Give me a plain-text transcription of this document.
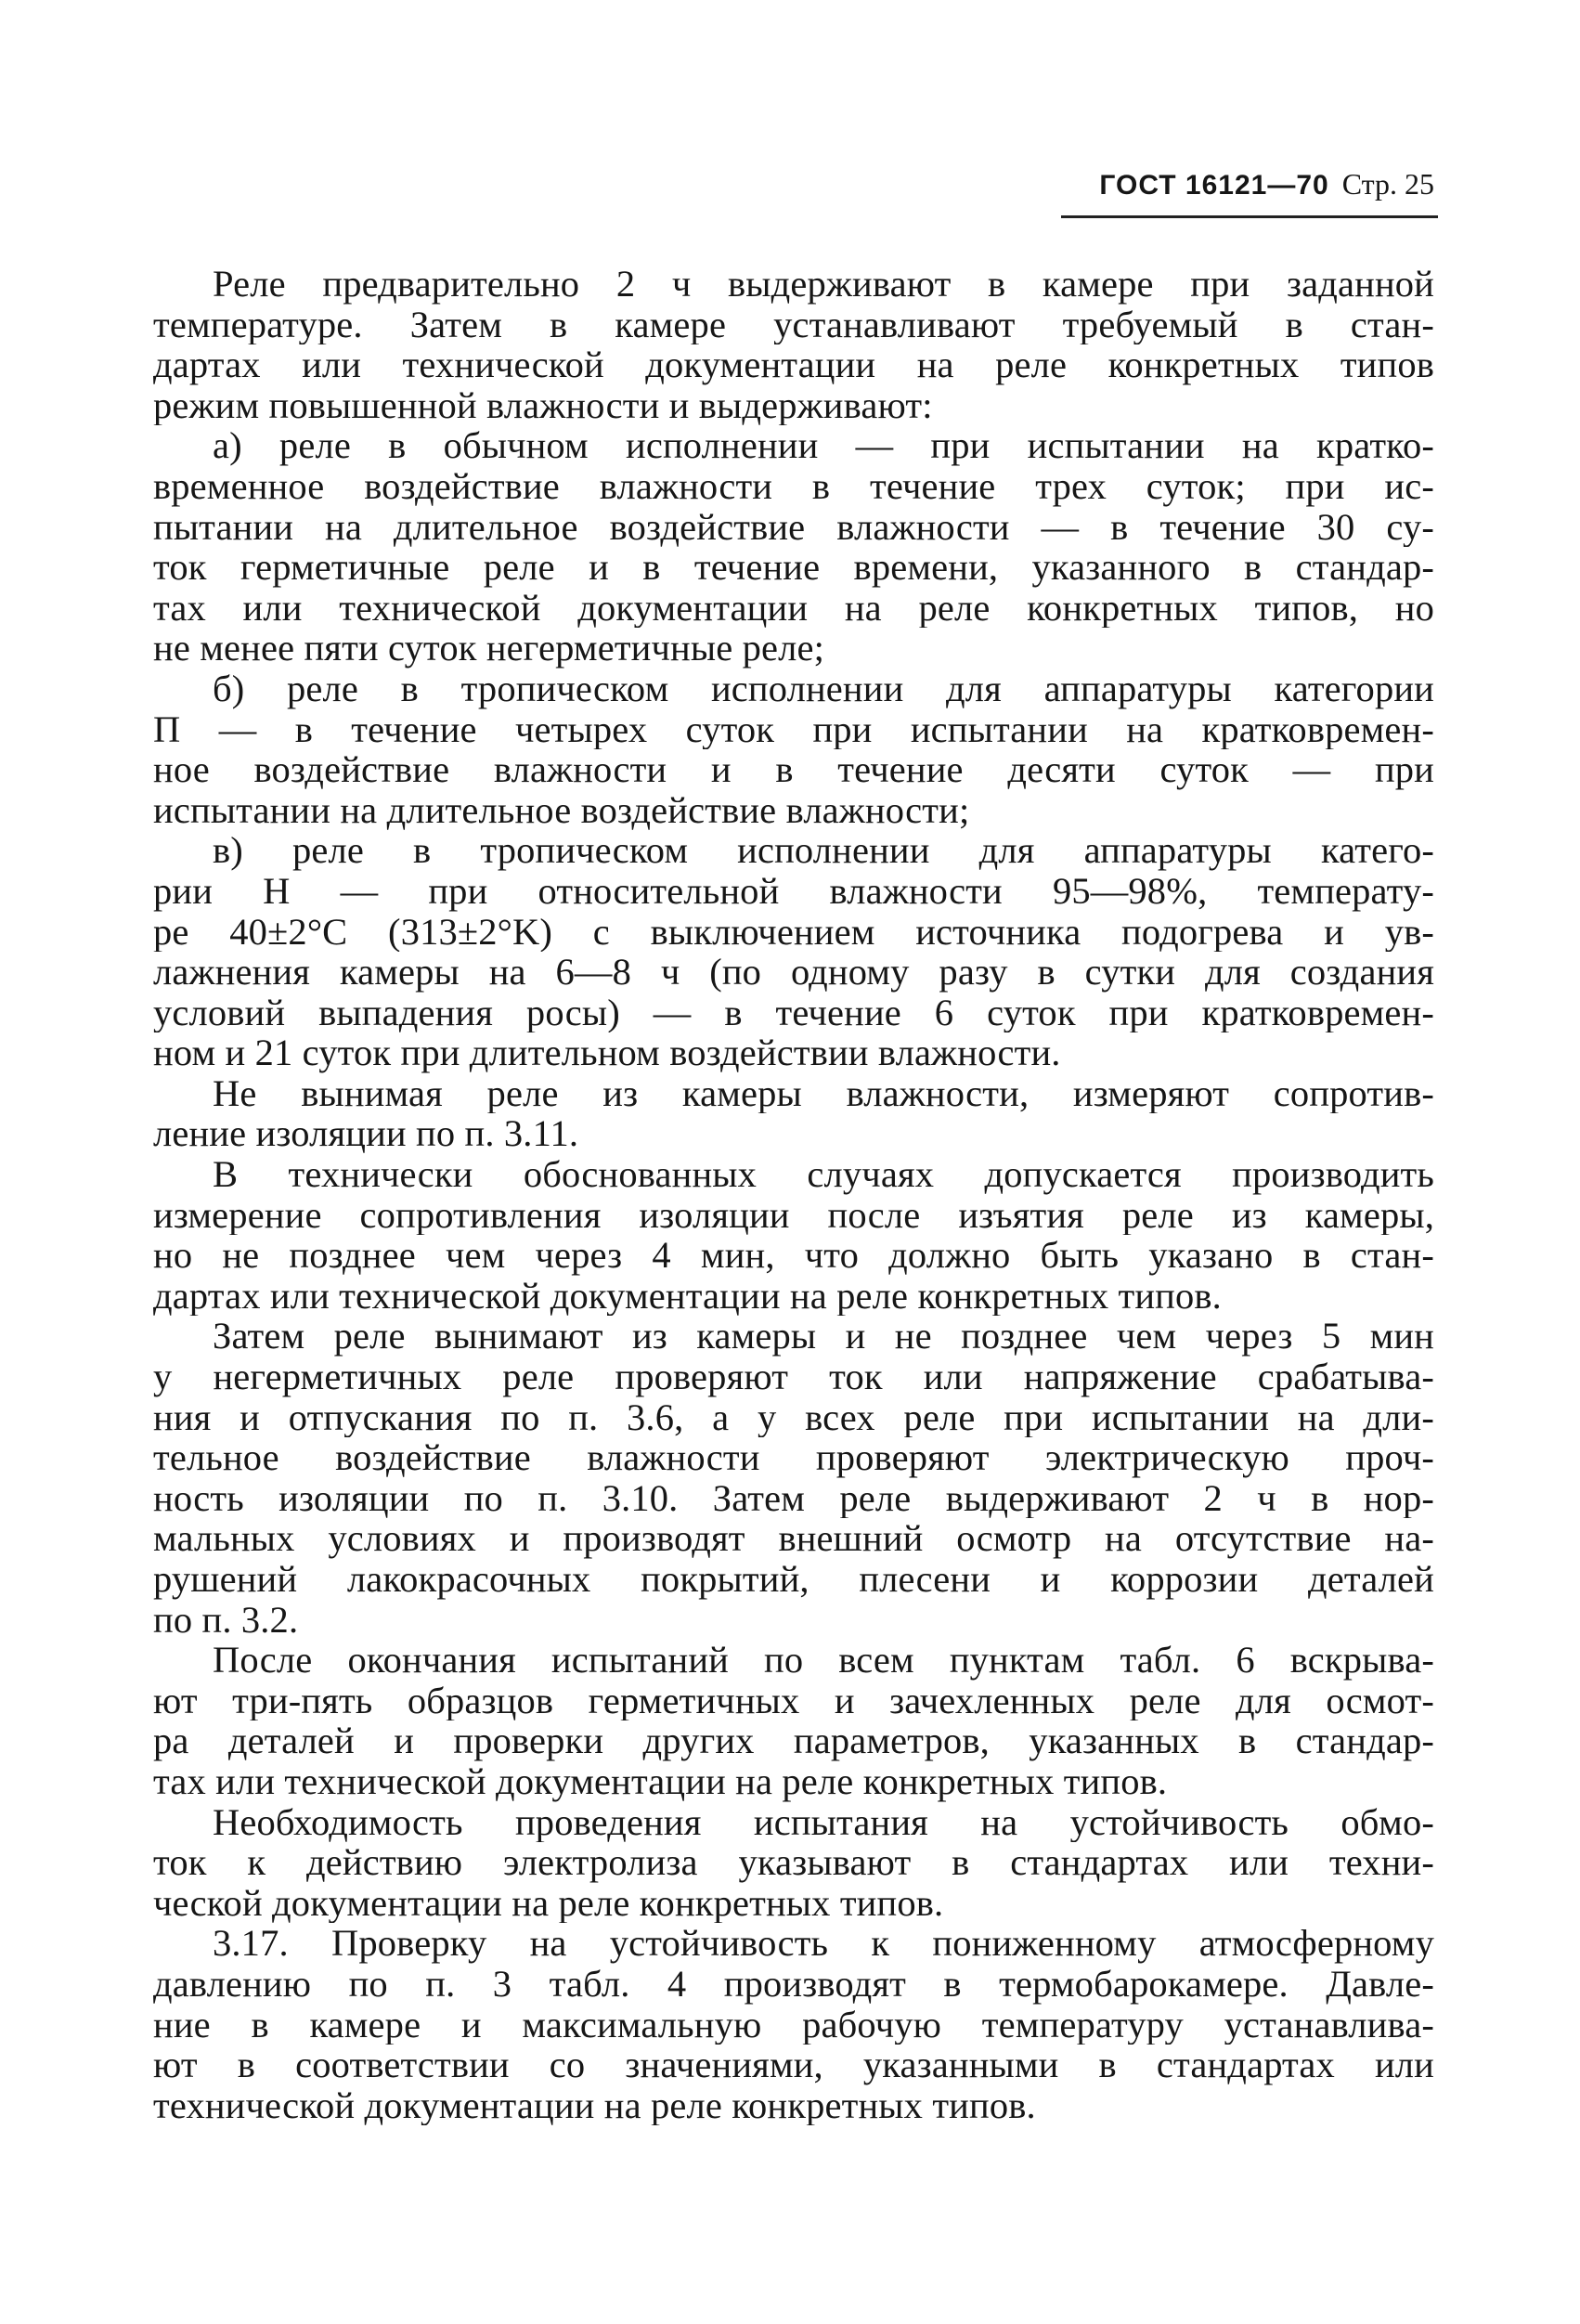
ГОСТ 16121—70 Стр. 25
Реле предварительно 2 ч выдерживают в камере при заданной
температуре. Затем в камере устанавливают требуемый в стан-
дартах или технической документации на реле конкретных типов
режим повышенной влажности и выдерживают:
а) реле в обычном исполнении — при испытании на кратко-
временное воздействие влажности в течение трех суток; при ис-
пытании на длительное воздействие влажности — в течение 30 су-
ток герметичные реле и в течение времени, указанного в стандар-
тах или технической документации на реле конкретных типов, но
не менее пяти суток негерметичные реле;
б) реле в тропическом исполнении для аппаратуры категории
П — в течение четырех суток при испытании на кратковремен-
ное воздействие влажности и в течение десяти суток — при
испытании на длительное воздействие влажности;
в) реле в тропическом исполнении для аппаратуры катего-
рии Н — при относительной влажности 95—98%, температу-
ре 40±2°C (313±2°K) с выключением источника подогрева и ув-
лажнения камеры на 6—8 ч (по одному разу в сутки для создания
условий выпадения росы) — в течение 6 суток при кратковремен-
ном и 21 суток при длительном воздействии влажности.
Не вынимая реле из камеры влажности, измеряют сопротив-
ление изоляции по п. 3.11.
В технически обоснованных случаях допускается производить
измерение сопротивления изоляции после изъятия реле из камеры,
но не позднее чем через 4 мин, что должно быть указано в стан-
дартах или технической документации на реле конкретных типов.
Затем реле вынимают из камеры и не позднее чем через 5 мин
у негерметичных реле проверяют ток или напряжение срабатыва-
ния и отпускания по п. 3.6, а у всех реле при испытании на дли-
тельное воздействие влажности проверяют электрическую проч-
ность изоляции по п. 3.10. Затем реле выдерживают 2 ч в нор-
мальных условиях и производят внешний осмотр на отсутствие на-
рушений лакокрасочных покрытий, плесени и коррозии деталей
по п. 3.2.
После окончания испытаний по всем пунктам табл. 6 вскрыва-
ют три-пять образцов герметичных и зачехленных реле для осмот-
ра деталей и проверки других параметров, указанных в стандар-
тах или технической документации на реле конкретных типов.
Необходимость проведения испытания на устойчивость обмо-
ток к действию электролиза указывают в стандартах или техни-
ческой документации на реле конкретных типов.
3.17. Проверку на устойчивость к пониженному атмосферному
давлению по п. 3 табл. 4 производят в термобарокамере. Давле-
ние в камере и максимальную рабочую температуру устанавлива-
ют в соответствии со значениями, указанными в стандартах или
технической документации на реле конкретных типов.
